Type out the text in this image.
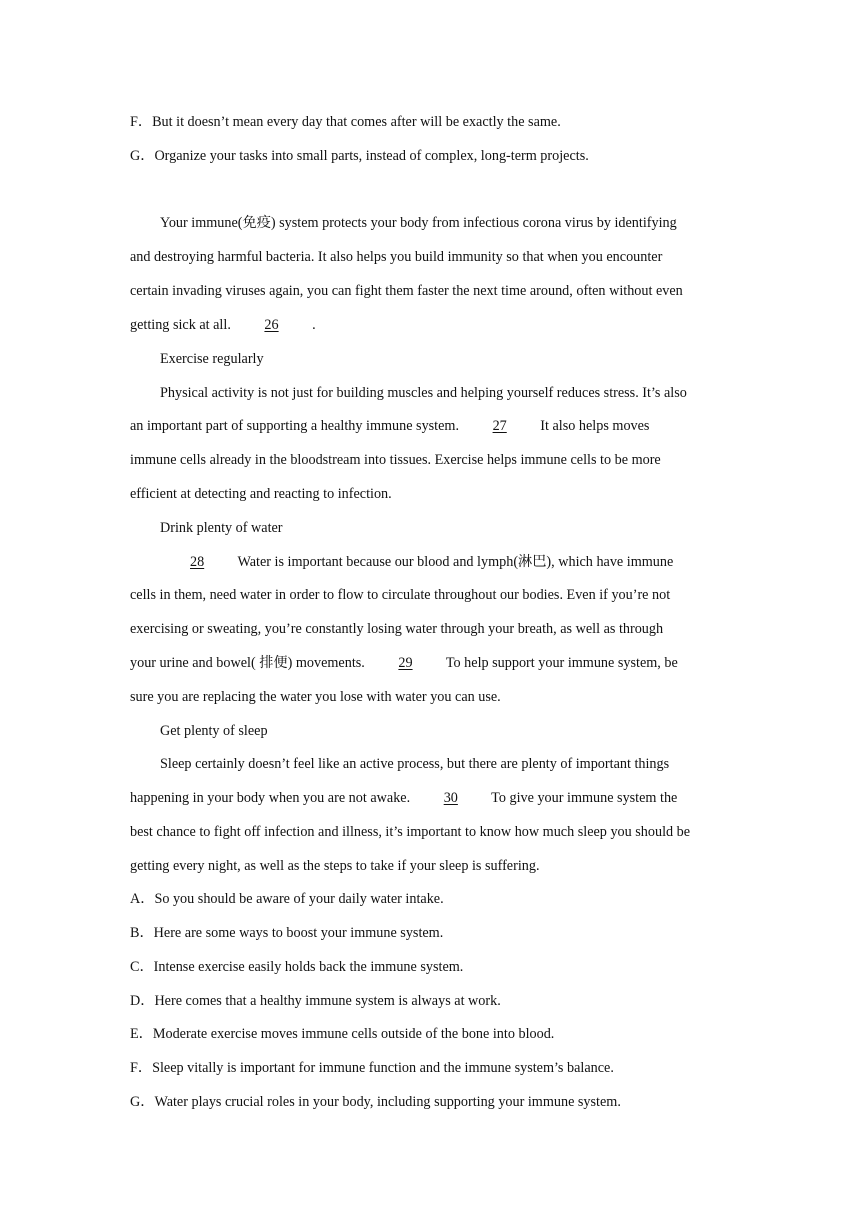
F．But it doesn’t mean every day that comes after will be exactly the same.
G．Organize your tasks into small parts, instead of complex, long-term projects.
Your immune(免疫) system protects your body from infectious corona virus by identifying
and destroying harmful bacteria. It also helps you build immunity so that when you encounter
certain invading viruses again, you can fight them faster the next time around, often without even
getting sick at all. 26 .
Exercise regularly
Physical activity is not just for building muscles and helping yourself reduces stress. It’s also
an important part of supporting a healthy immune system. 27 It also helps moves
immune cells already in the bloodstream into tissues. Exercise helps immune cells to be more
efficient at detecting and reacting to infection.
Drink plenty of water
28 Water is important because our blood and lymph(淋巴), which have immune
cells in them, need water in order to flow to circulate throughout our bodies. Even if you’re not
exercising or sweating, you’re constantly losing water through your breath, as well as through
your urine and bowel( 排便) movements. 29 To help support your immune system, be
sure you are replacing the water you lose with water you can use.
Get plenty of sleep
Sleep certainly doesn’t feel like an active process, but there are plenty of important things
happening in your body when you are not awake. 30 To give your immune system the
best chance to fight off infection and illness, it’s important to know how much sleep you should be
getting every night, as well as the steps to take if your sleep is suffering.
A．So you should be aware of your daily water intake.
B．Here are some ways to boost your immune system.
C．Intense exercise easily holds back the immune system.
D．Here comes that a healthy immune system is always at work.
E．Moderate exercise moves immune cells outside of the bone into blood.
F．Sleep vitally is important for immune function and the immune system’s balance.
G．Water plays crucial roles in your body, including supporting your immune system.
